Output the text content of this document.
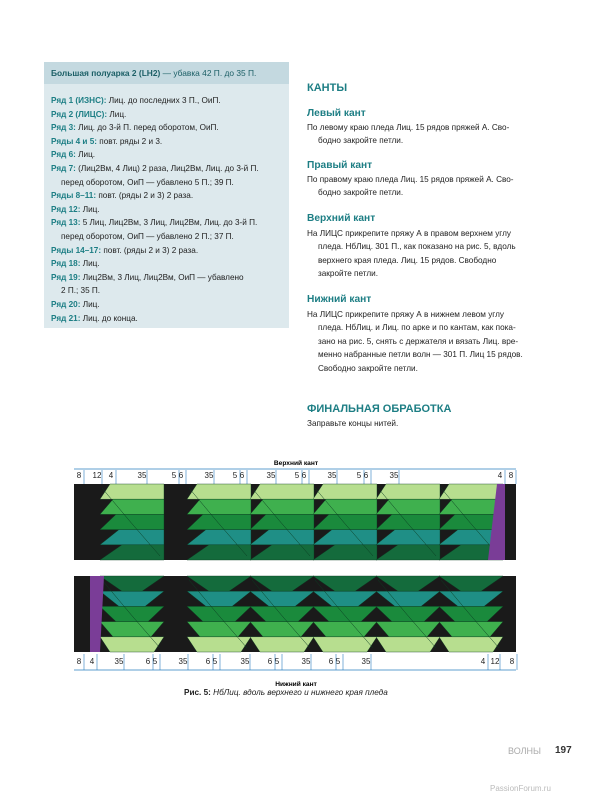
Большая полуарка 2 (LH2) — убавка 42 П. до 35 П.
Ряд 1 (ИЗНС): Лиц. до последних 3 П., ОиП.
Ряд 2 (ЛИЦС): Лиц.
Ряд 3: Лиц. до 3-й П. перед оборотом, ОиП.
Ряды 4 и 5: повт. ряды 2 и 3.
Ряд 6: Лиц.
Ряд 7: (Лиц2Вм, 4 Лиц) 2 раза, Лиц2Вм, Лиц. до 3-й П.
перед оборотом, ОиП — убавлено 5 П.; 39 П.
Ряды 8–11: повт. (ряды 2 и 3) 2 раза.
Ряд 12: Лиц.
Ряд 13: 5 Лиц, Лиц2Вм, 3 Лиц, Лиц2Вм, Лиц. до 3-й П.
перед оборотом, ОиП — убавлено 2 П.; 37 П.
Ряды 14–17: повт. (ряды 2 и 3) 2 раза.
Ряд 18: Лиц.
Ряд 19: Лиц2Вм, 3 Лиц, Лиц2Вм, ОиП — убавлено
2 П.; 35 П.
Ряд 20: Лиц.
Ряд 21: Лиц. до конца.
КАНТЫ
Левый кант
По левому краю пледа Лиц. 15 рядов пряжей А. Сво-
бодно закройте петли.
Правый кант
По правому краю пледа Лиц. 15 рядов пряжей А. Сво-
бодно закройте петли.
Верхний кант
На ЛИЦС прикрепите пряжу А в правом верхнем углу
пледа. НбЛиц. 301 П., как показано на рис. 5, вдоль
верхнего края пледа. Лиц. 15 рядов. Свободно
закройте петли.
Нижний кант
На ЛИЦС прикрепите пряжу А в нижнем левом углу
пледа. НбЛиц. и Лиц. по арке и по кантам, как пока-
зано на рис. 5, снять с держателя и вязать Лиц. вре-
менно набранные петли волн — 301 П. Лиц 15 рядов.
Свободно закройте петли.
ФИНАЛЬНАЯ ОБРАБОТКА
Заправьте концы нитей.
Верхний кант
8 12 4	35	5 6	35 5 6	35 5 6	35	5 6	35	4 8
8 4	35	6 5	35 6 5	35 6 5	35 6 5	35	4 12 8
Нижний кант
Рис. 5: НбЛиц. вдоль верхнего и нижнего края пледа
ВОЛНЫ 197
PassionForum.ru
